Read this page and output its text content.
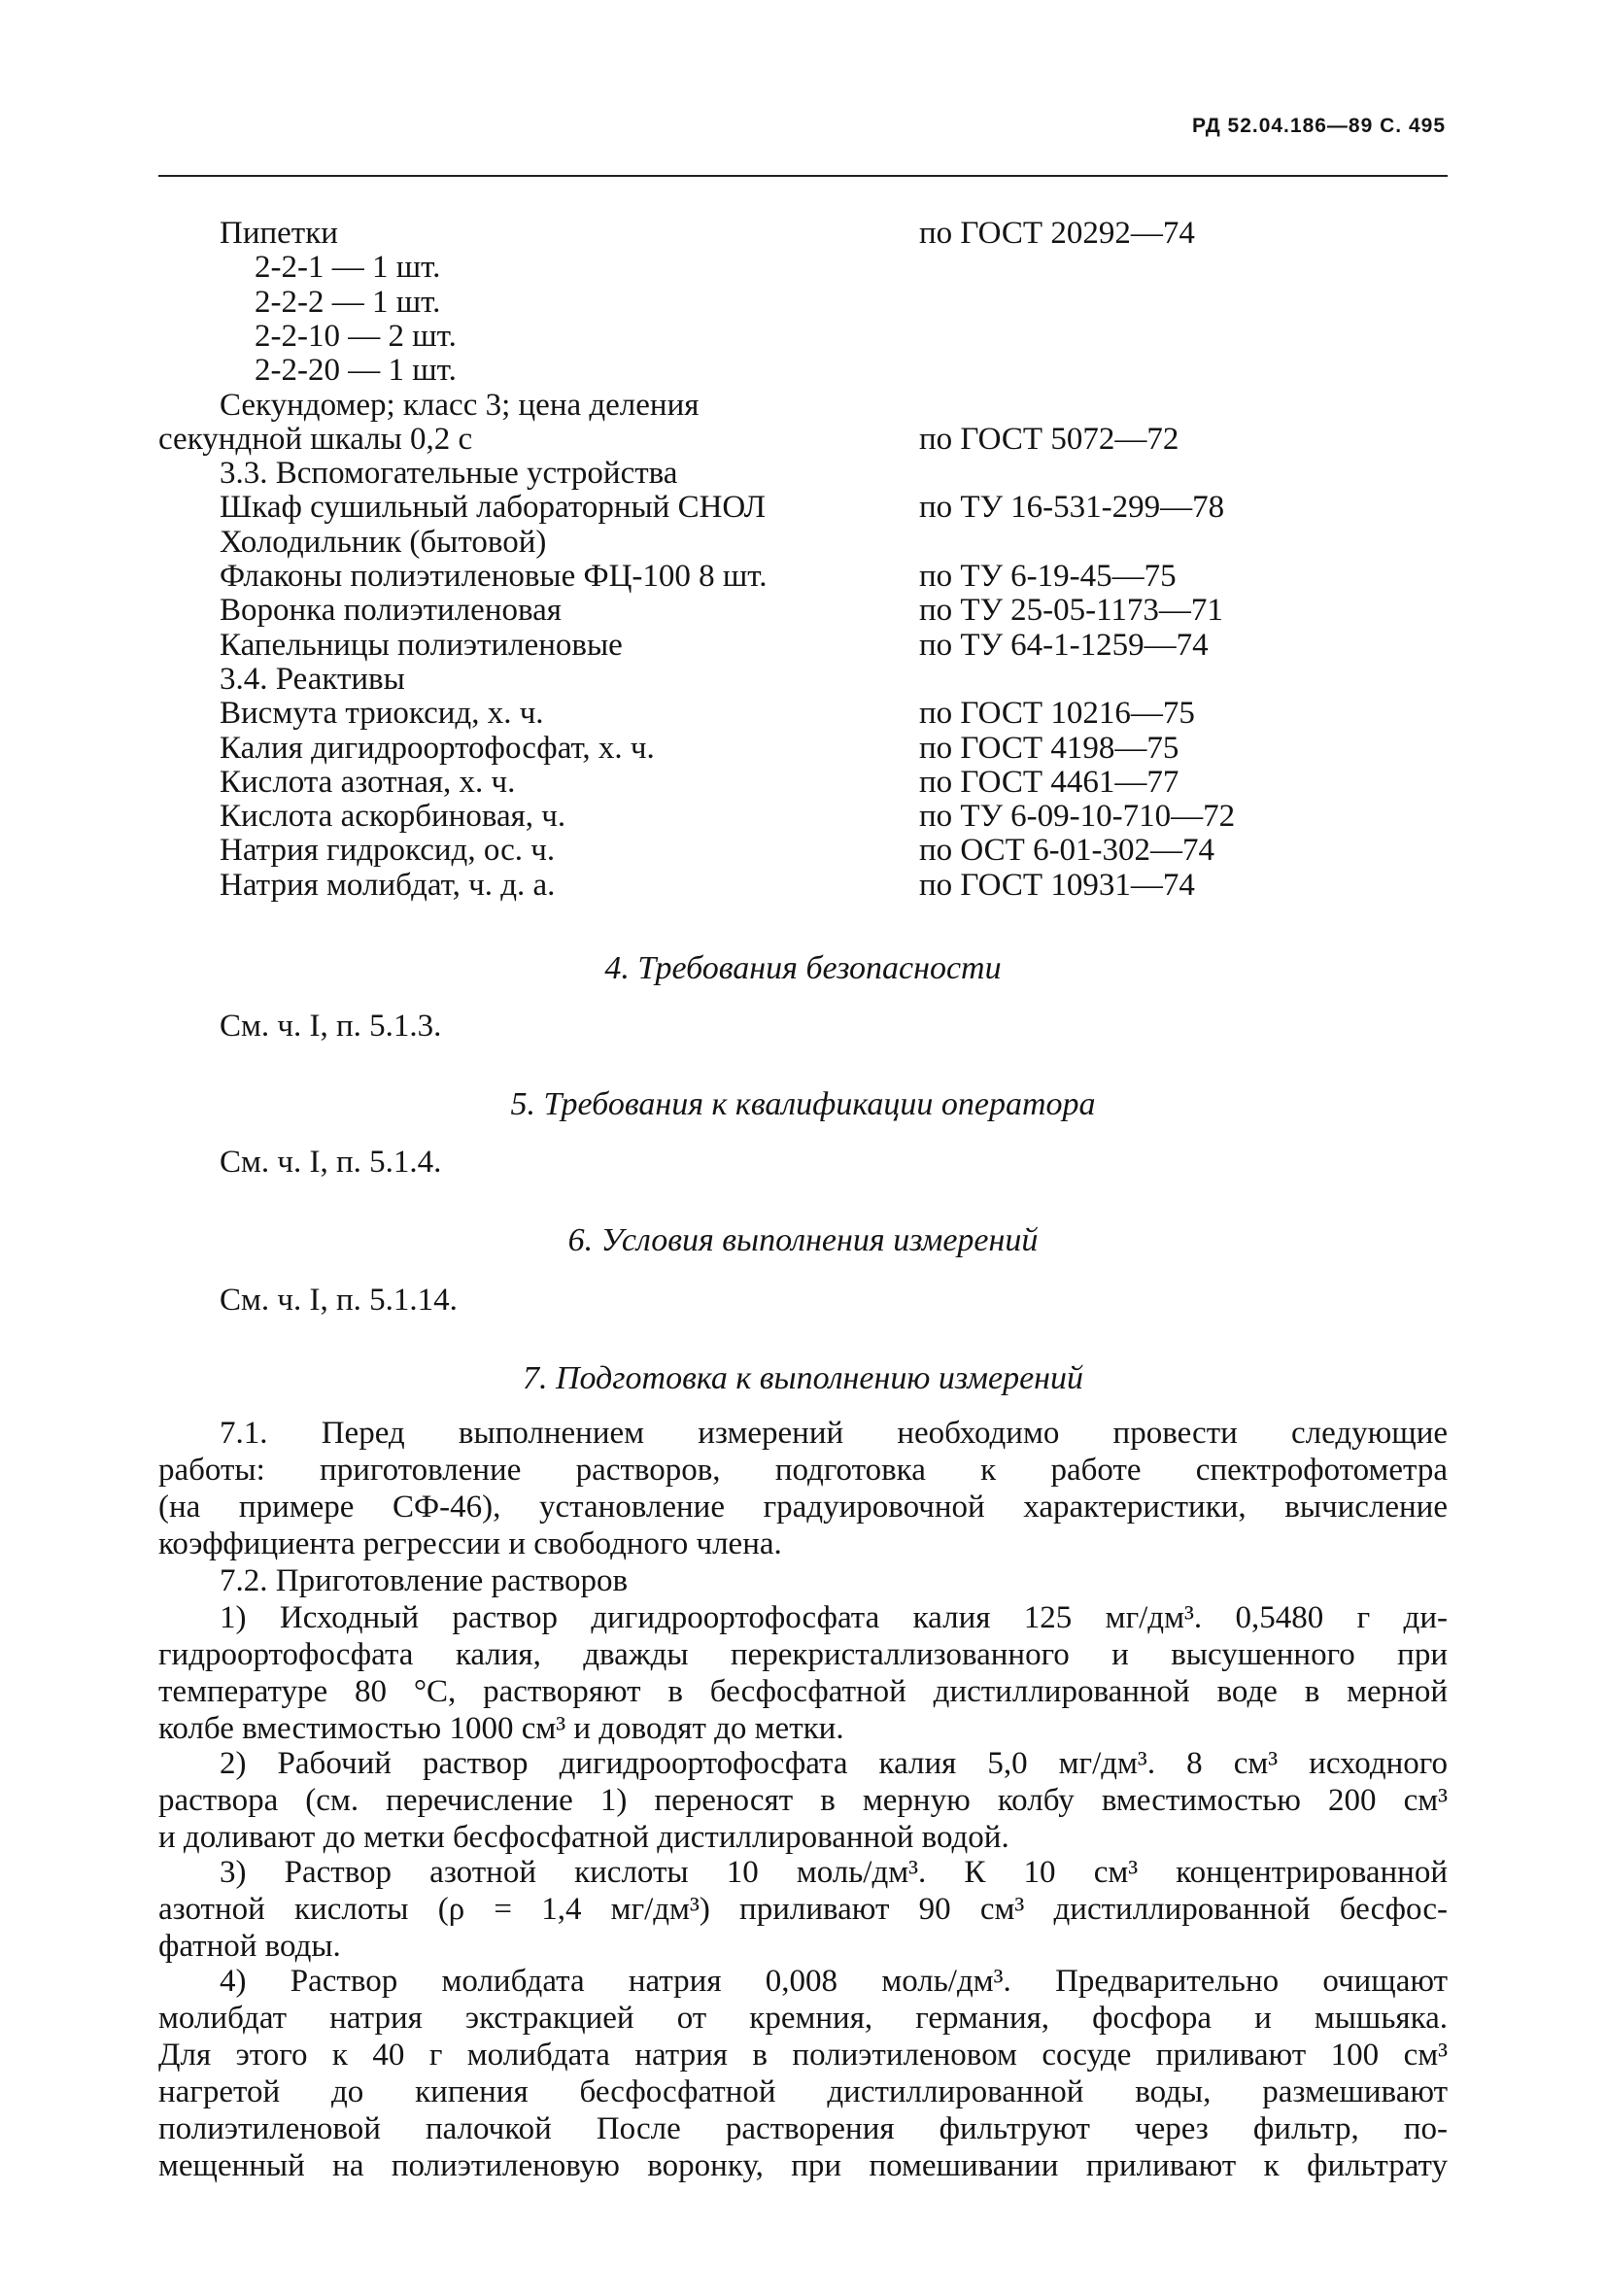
РД 52.04.186—89 С. 495
Пипетки	по ГОСТ 20292—74
2-2-1 — 1 шт.
2-2-2 — 1 шт.
2-2-10 — 2 шт.
2-2-20 — 1 шт.
Секундомер; класс 3; цена деления
секундной шкалы 0,2 с	по ГОСТ 5072—72
3.3. Вспомогательные устройства
Шкаф сушильный лабораторный СНОЛ	по ТУ 16-531-299—78
Холодильник (бытовой)
Флаконы полиэтиленовые ФЦ-100 8 шт.	по ТУ 6-19-45—75
Воронка полиэтиленовая	по ТУ 25-05-1173—71
Капельницы полиэтиленовые	по ТУ 64-1-1259—74
3.4. Реактивы
Висмута триоксид, х. ч.	по ГОСТ 10216—75
Калия дигидроортофосфат, х. ч.	по ГОСТ 4198—75
Кислота азотная, х. ч.	по ГОСТ 4461—77
Кислота аскорбиновая, ч.	по ТУ 6-09-10-710—72
Натрия гидроксид, ос. ч.	по ОСТ 6-01-302—74
Натрия молибдат, ч. д. а.	по ГОСТ 10931—74
4. Требования безопасности
См. ч. I, п. 5.1.3.
5. Требования к квалификации оператора
См. ч. I, п. 5.1.4.
6. Условия выполнения измерений
См. ч. I, п. 5.1.14.
7. Подготовка к выполнению измерений
7.1. Перед выполнением измерений необходимо провести следующие
работы: приготовление растворов, подготовка к работе спектрофотометра
(на примере СФ-46), установление градуировочной характеристики, вычисление
коэффициента регрессии и свободного члена.
7.2. Приготовление растворов
1) Исходный раствор дигидроортофосфата калия 125 мг/дм³. 0,5480 г ди-
гидроортофосфата калия, дважды перекристаллизованного и высушенного при
температуре 80 °С, растворяют в бесфосфатной дистиллированной воде в мерной
колбе вместимостью 1000 см³ и доводят до метки.
2) Рабочий раствор дигидроортофосфата калия 5,0 мг/дм³. 8 см³ исходного
раствора (см. перечисление 1) переносят в мерную колбу вместимостью 200 см³
и доливают до метки бесфосфатной дистиллированной водой.
3) Раствор азотной кислоты 10 моль/дм³. К 10 см³ концентрированной
азотной кислоты (ρ = 1,4 мг/дм³) приливают 90 см³ дистиллированной бесфос-
фатной воды.
4) Раствор молибдата натрия 0,008 моль/дм³. Предварительно очищают
молибдат натрия экстракцией от кремния, германия, фосфора и мышьяка.
Для этого к 40 г молибдата натрия в полиэтиленовом сосуде приливают 100 см³
нагретой до кипения бесфосфатной дистиллированной воды, размешивают
полиэтиленовой палочкой После растворения фильтруют через фильтр, по-
мещенный на полиэтиленовую воронку, при помешивании приливают к фильтрату
